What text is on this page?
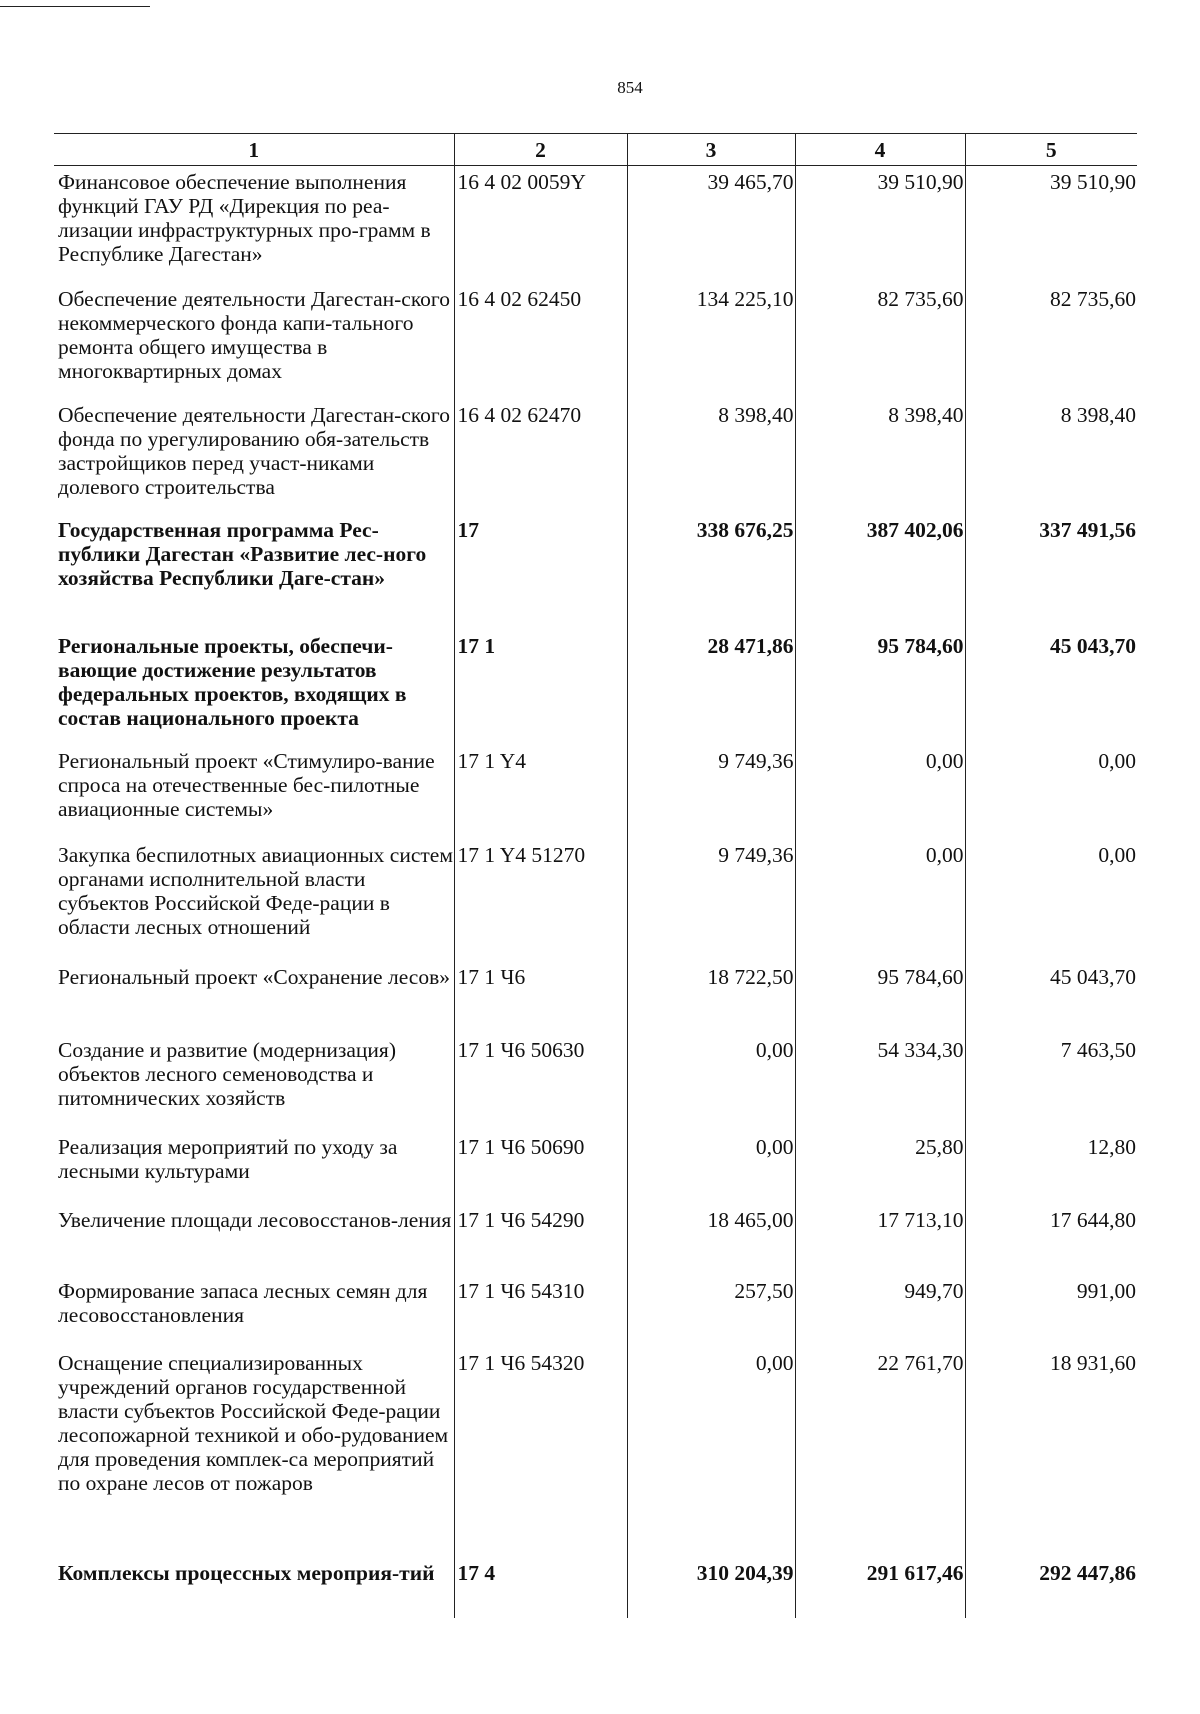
854
1	2	3	4	5
Финансовое обеспечение выполнения функций ГАУ РД «Дирекция по реа-лизации инфраструктурных про-грамм в Республике Дагестан»	16 4 02 0059Y	39 465,70	39 510,90	39 510,90
Обеспечение деятельности Дагестан-ского некоммерческого фонда капи-тального ремонта общего имущества в многоквартирных домах	16 4 02 62450	134 225,10	82 735,60	82 735,60
Обеспечение деятельности Дагестан-ского фонда по урегулированию обя-зательств застройщиков перед участ-никами долевого строительства	16 4 02 62470	8 398,40	8 398,40	8 398,40
Государственная программа Рес-публики Дагестан «Развитие лес-ного хозяйства Республики Даге-стан»	17	338 676,25	387 402,06	337 491,56
Региональные проекты, обеспечи-вающие достижение результатов федеральных проектов, входящих в состав национального проекта	17 1	28 471,86	95 784,60	45 043,70
Региональный проект «Стимулиро-вание спроса на отечественные бес-пилотные авиационные системы»	17 1 Y4	9 749,36	0,00	0,00
Закупка беспилотных авиационных систем органами исполнительной власти субъектов Российской Феде-рации в области лесных отношений	17 1 Y4 51270	9 749,36	0,00	0,00
Региональный проект «Сохранение лесов»	17 1 Ч6	18 722,50	95 784,60	45 043,70
Создание и развитие (модернизация) объектов лесного семеноводства и питомнических хозяйств	17 1 Ч6 50630	0,00	54 334,30	7 463,50
Реализация мероприятий по уходу за лесными культурами	17 1 Ч6 50690	0,00	25,80	12,80
Увеличение площади лесовосстанов-ления	17 1 Ч6 54290	18 465,00	17 713,10	17 644,80
Формирование запаса лесных семян для лесовосстановления	17 1 Ч6 54310	257,50	949,70	991,00
Оснащение специализированных учреждений органов государственной власти субъектов Российской Феде-рации лесопожарной техникой и обо-рудованием для проведения комплек-са мероприятий по охране лесов от пожаров	17 1 Ч6 54320	0,00	22 761,70	18 931,60
Комплексы процессных мероприя-тий	17 4	310 204,39	291 617,46	292 447,86
